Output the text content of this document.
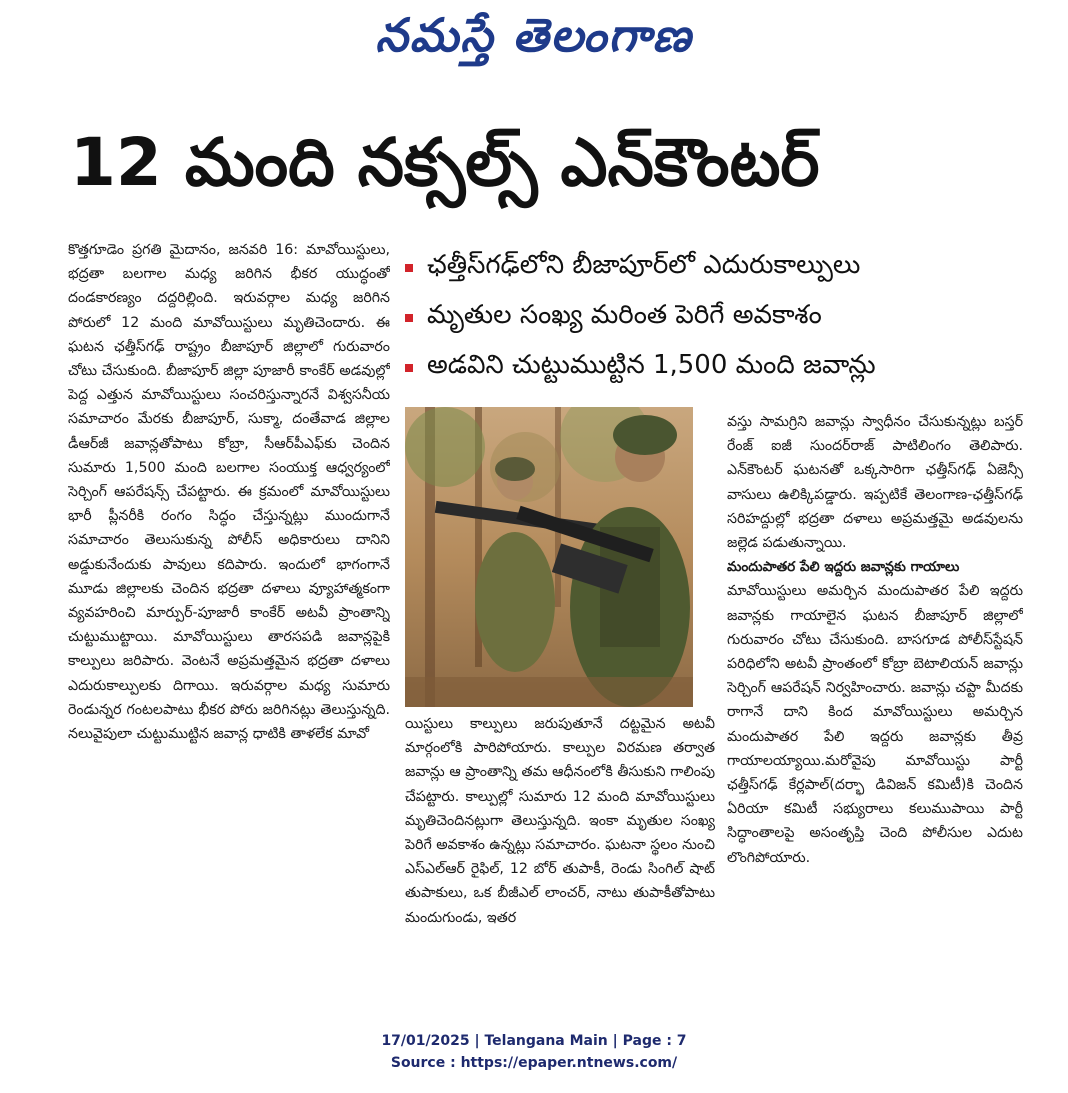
నమస్తే తెలంగాణ
12 మంది నక్సల్స్ ఎన్‌కౌంటర్

కొత్తగూడెం ప్రగతి మైదానం, జనవరి 16: మావోయిస్టులు, భద్రతా బలగాల మధ్య జరిగిన భీకర యుద్ధంతో దండకారణ్యం దద్దరిల్లింది. ఇరువర్గాల మధ్య జరిగిన పోరులో 12 మంది మావోయిస్టులు మృతిచెందారు. ఈ ఘటన ఛత్తీస్‌గఢ్ రాష్ట్రం బీజాపూర్ జిల్లాలో గురువారం చోటు చేసుకుంది. బీజాపూర్ జిల్లా పూజారీ కాంకేర్ అడవుల్లో పెద్ద ఎత్తున మావోయిస్టులు సంచరిస్తున్నారనే విశ్వసనీయ సమాచారం మేరకు బీజాపూర్, సుక్మా, దంతేవాడ జిల్లాల డీఆర్‌జీ జవాన్లతోపాటు కోబ్రా, సీఆర్‌పీఎఫ్‌కు చెందిన సుమారు 1,500 మంది బలగాల సంయుక్త ఆధ్వర్యంలో సెర్చింగ్ ఆపరేషన్స్ చేపట్టారు. ఈ క్రమంలో మావోయిస్టులు భారీ ప్లీనరీకి రంగం సిద్ధం చేస్తున్నట్లు ముందుగానే సమాచారం తెలుసుకున్న పోలీస్ అధికారులు దానిని అడ్డుకునేందుకు పావులు కదిపారు. ఇందులో భాగంగానే మూడు జిల్లాలకు చెందిన భద్రతా దళాలు వ్యూహాత్మకంగా వ్యవహరించి మార్పుర్-పూజారీ కాంకేర్ అటవీ ప్రాంతాన్ని చుట్టుముట్టాయి. మావోయిస్టులు తారసపడి జవాన్లపైకి కాల్పులు జరిపారు. వెంటనే అప్రమత్తమైన భద్రతా దళాలు ఎదురుకాల్పులకు దిగాయి. ఇరువర్గాల మధ్య సుమారు రెండున్నర గంటలపాటు భీకర పోరు జరిగినట్లు తెలుస్తున్నది. నలువైపులా చుట్టుముట్టిన జవాన్ల ధాటికి తాళలేక మావో

ఛత్తీస్‌గఢ్‌లోని బీజాపూర్‌లో ఎదురుకాల్పులు
మృతుల సంఖ్య మరింత పెరిగే అవకాశం
అడవిని చుట్టుముట్టిన 1,500 మంది జవాన్లు

యిస్టులు కాల్పులు జరుపుతూనే దట్టమైన అటవీ మార్గంలోకి పారిపోయారు. కాల్పుల విరమణ తర్వాత జవాన్లు ఆ ప్రాంతాన్ని తమ ఆధీనంలోకి తీసుకుని గాలింపు చేపట్టారు. కాల్పుల్లో సుమారు 12 మంది మావోయిస్టులు మృతిచెందినట్లుగా తెలుస్తున్నది. ఇంకా మృతుల సంఖ్య పెరిగే అవకాశం ఉన్నట్లు సమాచారం. ఘటనా స్థలం నుంచి ఎస్‌ఎల్‌ఆర్ రైఫిల్, 12 బోర్ తుపాకీ, రెండు సింగిల్ షాట్ తుపాకులు, ఒక బీజీఎల్ లాంచర్, నాటు తుపాకీతోపాటు మందుగుండు, ఇతర

వస్తు సామగ్రిని జవాన్లు స్వాధీనం చేసుకున్నట్లు బస్తర్ రేంజ్ ఐజీ సుందర్‌రాజ్ పాటిలింగం తెలిపారు. ఎన్‌కౌంటర్ ఘటనతో ఒక్కసారిగా ఛత్తీస్‌గఢ్ ఏజెన్సీ వాసులు ఉలిక్కిపడ్డారు. ఇప్పటికే తెలంగాణ-ఛత్తీస్‌గఢ్ సరిహద్దుల్లో భద్రతా దళాలు అప్రమత్తమై అడవులను జల్లెడ పడుతున్నాయి.

మందుపాతర పేలి ఇద్దరు జవాన్లకు గాయాలు

మావోయిస్టులు అమర్చిన మందుపాతర పేలి ఇద్దరు జవాన్లకు గాయాలైన ఘటన బీజాపూర్ జిల్లాలో గురువారం చోటు చేసుకుంది. బాసగూడ పోలీస్‌స్టేషన్ పరిధిలోని అటవీ ప్రాంతంలో కోబ్రా బెటాలియన్ జవాన్లు సెర్చింగ్ ఆపరేషన్ నిర్వహించారు. జవాన్లు చప్టా మీదకు రాగానే దాని కింద మావోయిస్టులు అమర్చిన మందుపాతర పేలి ఇద్దరు జవాన్లకు తీవ్ర గాయాలయ్యాయి.మరోవైపు మావోయిస్టు పార్టీ ఛత్తీస్‌గఢ్ కేర్లపాల్(దర్భా డివిజన్ కమిటీ)కి చెందిన ఏరియా కమిటీ సభ్యురాలు కలుముపాయి పార్టీ సిద్ధాంతాలపై అసంతృప్తి చెంది పోలీసుల ఎదుట లొంగిపోయారు.

17/01/2025 | Telangana Main | Page : 7
Source : https://epaper.ntnews.com/
